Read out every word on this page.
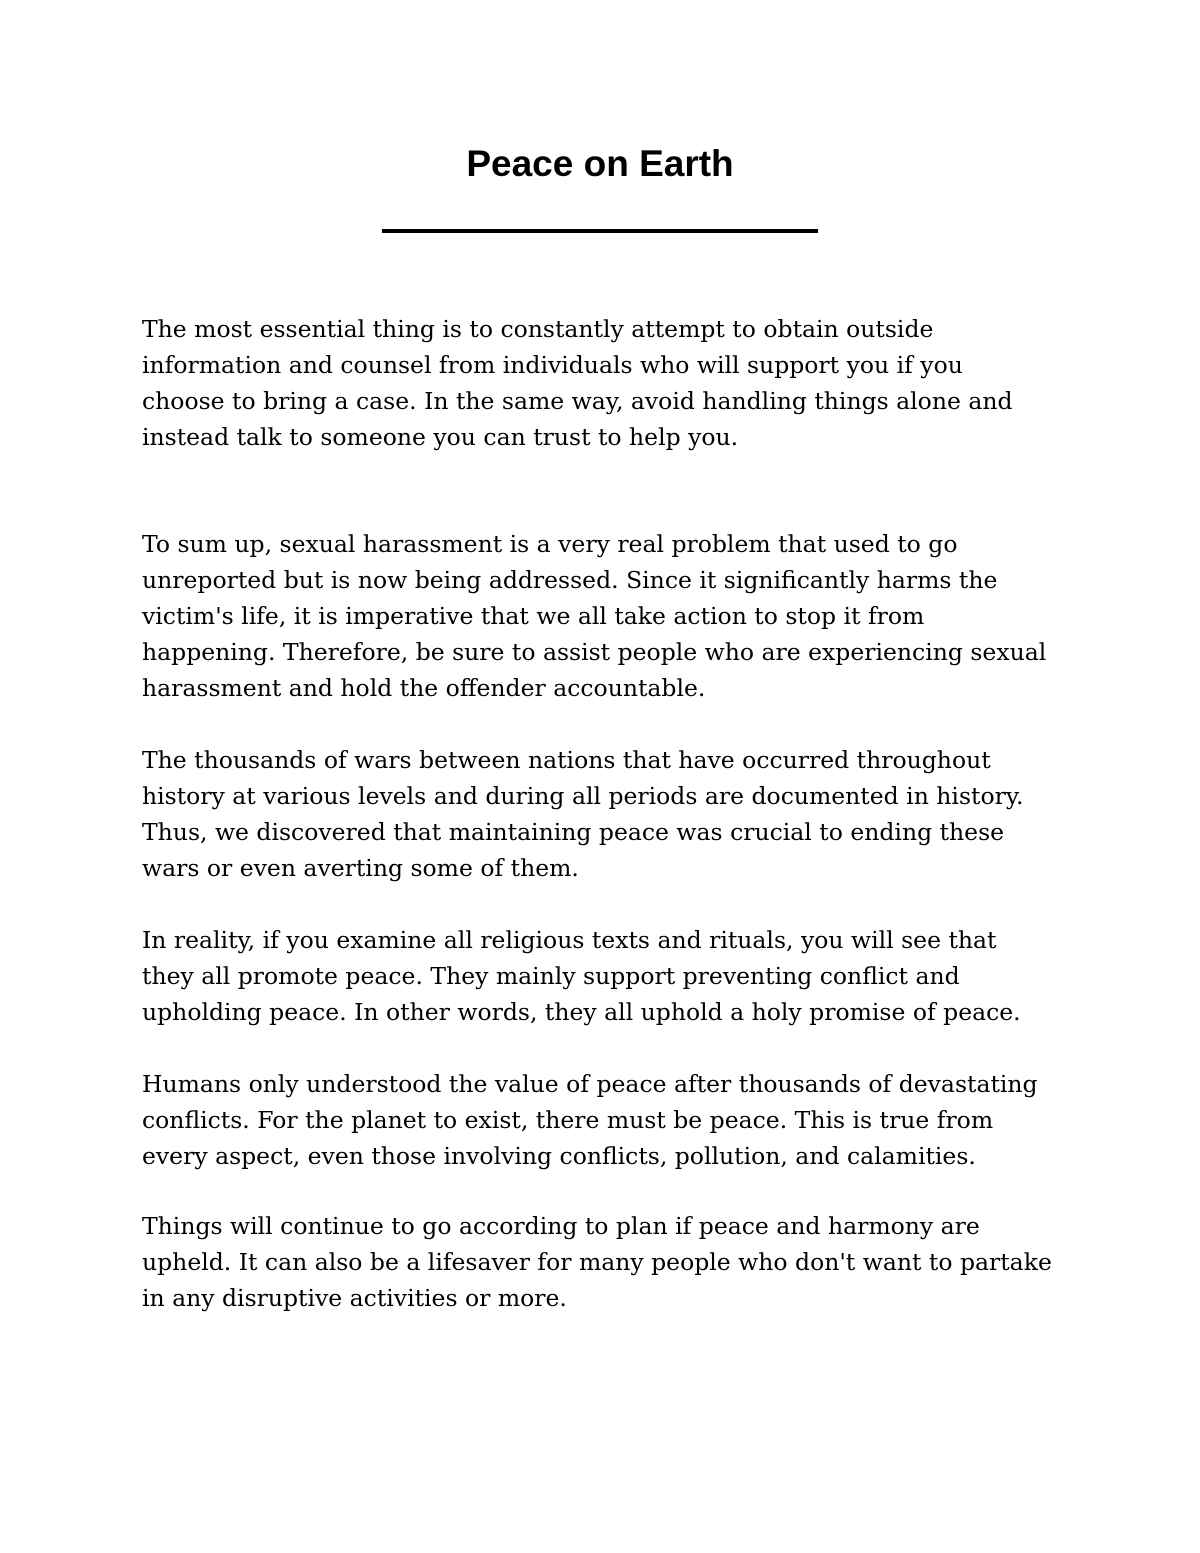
Peace on Earth

The most essential thing is to constantly attempt to obtain outside
information and counsel from individuals who will support you if you
choose to bring a case. In the same way, avoid handling things alone and
instead talk to someone you can trust to help you.

To sum up, sexual harassment is a very real problem that used to go
unreported but is now being addressed. Since it significantly harms the
victim's life, it is imperative that we all take action to stop it from
happening. Therefore, be sure to assist people who are experiencing sexual
harassment and hold the offender accountable.

The thousands of wars between nations that have occurred throughout
history at various levels and during all periods are documented in history.
Thus, we discovered that maintaining peace was crucial to ending these
wars or even averting some of them.

In reality, if you examine all religious texts and rituals, you will see that
they all promote peace. They mainly support preventing conflict and
upholding peace. In other words, they all uphold a holy promise of peace.

Humans only understood the value of peace after thousands of devastating
conflicts. For the planet to exist, there must be peace. This is true from
every aspect, even those involving conflicts, pollution, and calamities.

Things will continue to go according to plan if peace and harmony are
upheld. It can also be a lifesaver for many people who don't want to partake
in any disruptive activities or more.
